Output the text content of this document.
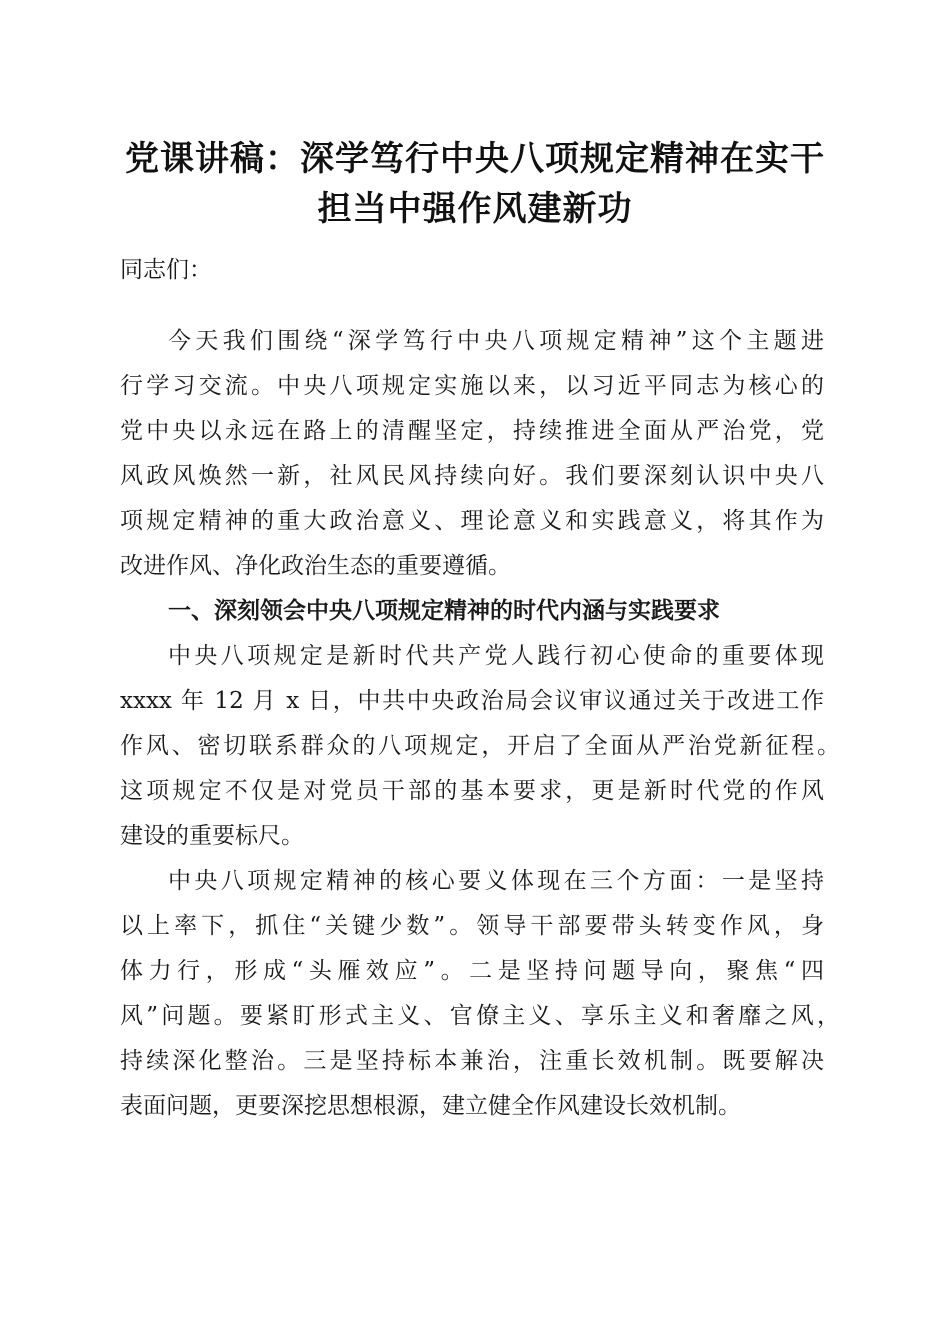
党课讲稿：深学笃行中央八项规定精神在实干
担当中强作风建新功
同志们：
今天我们围绕“深学笃行中央八项规定精神”这个主题进
行学习交流。中央八项规定实施以来，以习近平同志为核心的
党中央以永远在路上的清醒坚定，持续推进全面从严治党，党
风政风焕然一新，社风民风持续向好。我们要深刻认识中央八
项规定精神的重大政治意义、理论意义和实践意义，将其作为
改进作风、净化政治生态的重要遵循。
一、深刻领会中央八项规定精神的时代内涵与实践要求
中央八项规定是新时代共产党人践行初心使命的重要体现
xxxx 年 12 月 x 日，中共中央政治局会议审议通过关于改进工作
作风、密切联系群众的八项规定，开启了全面从严治党新征程。
这项规定不仅是对党员干部的基本要求，更是新时代党的作风
建设的重要标尺。
中央八项规定精神的核心要义体现在三个方面：一是坚持
以上率下，抓住“关键少数”。领导干部要带头转变作风，身
体力行，形成“头雁效应”。二是坚持问题导向，聚焦“四
风”问题。要紧盯形式主义、官僚主义、享乐主义和奢靡之风，
持续深化整治。三是坚持标本兼治，注重长效机制。既要解决
表面问题，更要深挖思想根源，建立健全作风建设长效机制。
